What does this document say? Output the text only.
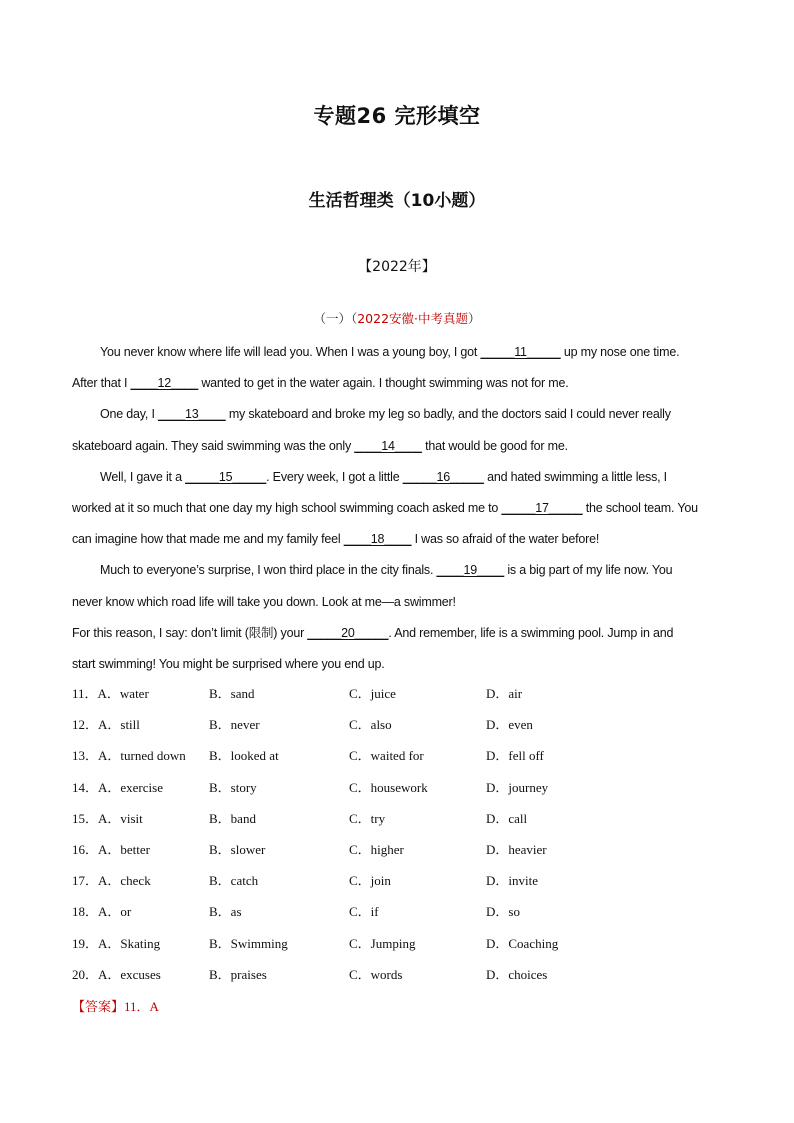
专题26 完形填空
生活哲理类（10小题）
【2022年】
（一）（2022安徽·中考真题）
You never know where life will lead you. When I was a young boy, I got _____11_____ up my nose one time.
After that I ____12____ wanted to get in the water again. I thought swimming was not for me.
One day, I ____13____ my skateboard and broke my leg so badly, and the doctors said I could never really
skateboard again. They said swimming was the only ____14____ that would be good for me.
Well, I gave it a _____15_____. Every week, I got a little _____16_____ and hated swimming a little less, I
worked at it so much that one day my high school swimming coach asked me to _____17_____ the school team. You
can imagine how that made me and my family feel ____18____ I was so afraid of the water before!
Much to everyone’s surprise, I won third place in the city finals. ____19____ is a big part of my life now. You
never know which road life will take you down. Look at me—a swimmer!
For this reason, I say: don’t limit (限制) your _____20_____. And remember, life is a swimming pool. Jump in and
start swimming! You might be surprised where you end up.
11．A．water	B．sand	C．juice	D．air
12．A．still	B．never	C．also	D．even
13．A．turned down B．looked at	C．waited for	D．fell off
14．A．exercise	B．story	C．housework	D．journey
15．A．visit	B．band	C．try	D．call
16．A．better	B．slower	C．higher	D．heavier
17．A．check	B．catch	C．join	D．invite
18．A．or	B．as	C．if	D．so
19．A．Skating	B．Swimming	C．Jumping	D．Coaching
20．A．excuses	B．praises	C．words	D．choices
【答案】11．A
